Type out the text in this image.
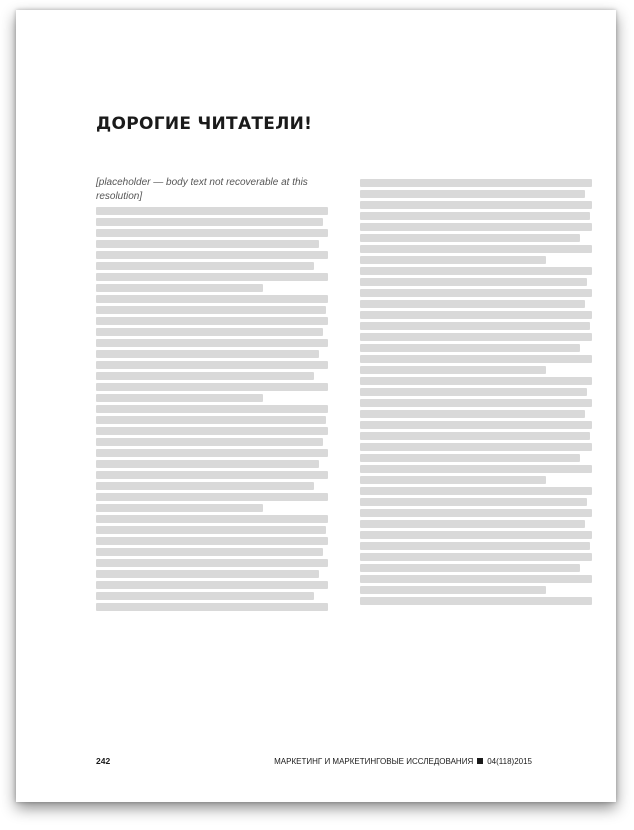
ДОРОГИЕ ЧИТАТЕЛИ!

[placeholder — body text not recoverable at this resolution]

242	МАРКЕТИНГ И МАРКЕТИНГОВЫЕ ИССЛЕДОВАНИЯ 04(118)2015
